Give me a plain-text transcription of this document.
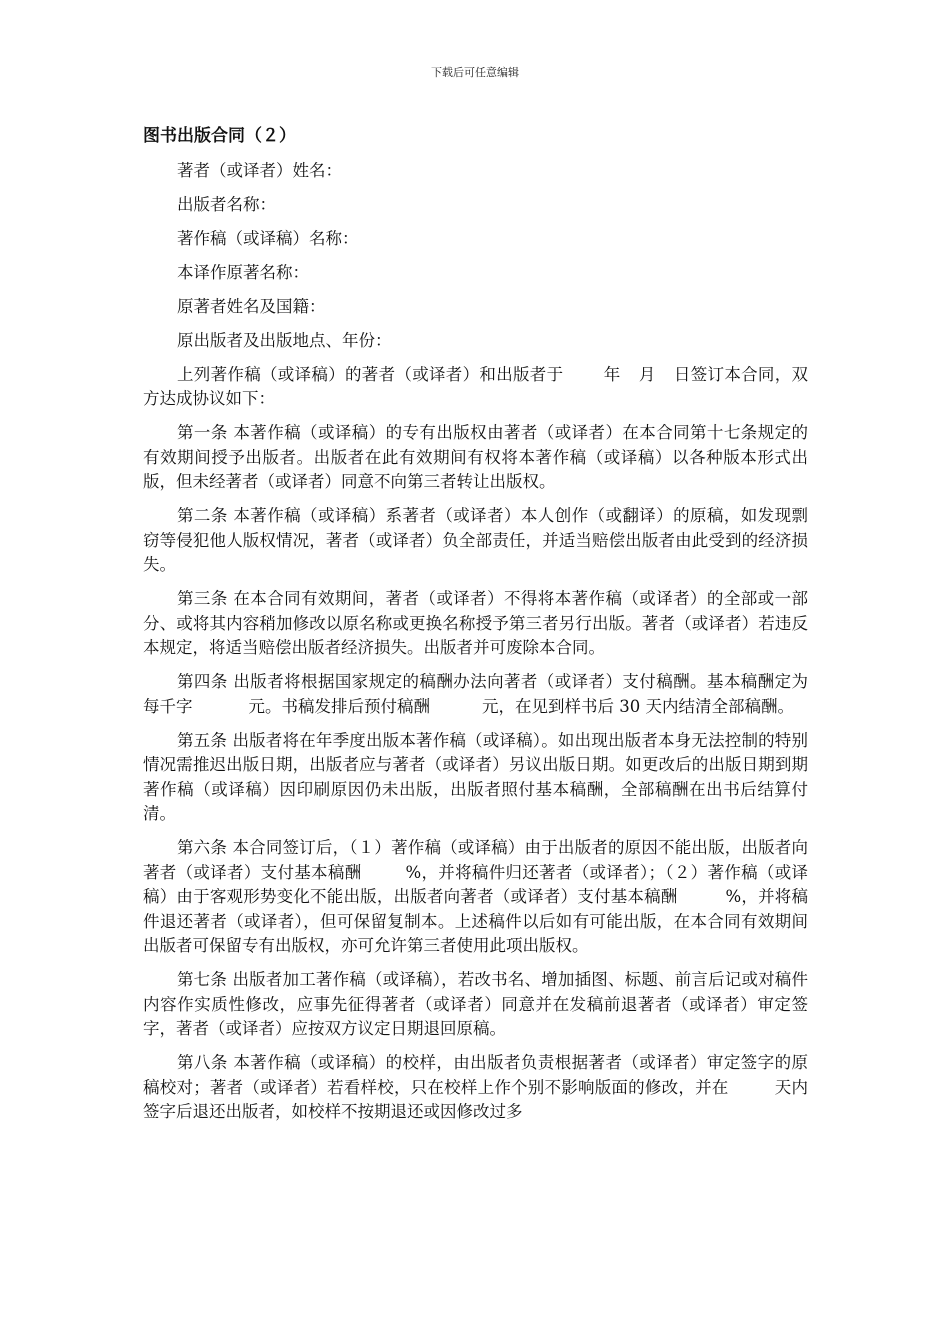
下载后可任意编辑
图书出版合同（２）

著者（或译者）姓名：

出版者名称：

著作稿（或译稿）名称：

本译作原著名称：

原著者姓名及国籍：

原出版者及出版地点、年份：

上列著作稿（或译稿）的著者（或译者）和出版者于 年 月 日签订本合同，双方达成协议如下：

第一条 本著作稿（或译稿）的专有出版权由著者（或译者）在本合同第十七条规定的有效期间授予出版者。出版者在此有效期间有权将本著作稿（或译稿）以各种版本形式出版，但未经著者（或译者）同意不向第三者转让出版权。

第二条 本著作稿（或译稿）系著者（或译者）本人创作（或翻译）的原稿，如发现剽窃等侵犯他人版权情况，著者（或译者）负全部责任，并适当赔偿出版者由此受到的经济损失。

第三条 在本合同有效期间，著者（或译者）不得将本著作稿（或译者）的全部或一部分、或将其内容稍加修改以原名称或更换名称授予第三者另行出版。著者（或译者）若违反本规定，将适当赔偿出版者经济损失。出版者并可废除本合同。

第四条 出版者将根据国家规定的稿酬办法向著者（或译者）支付稿酬。基本稿酬定为每千字	元。书稿发排后预付稿酬	元，在见到样书后 30 天内结清全部稿酬。

第五条 出版者将在年季度出版本著作稿（或译稿）。如出现出版者本身无法控制的特别情况需推迟出版日期，出版者应与著者（或译者）另议出版日期。如更改后的出版日期到期著作稿（或译稿）因印刷原因仍未出版，出版者照付基本稿酬，全部稿酬在出书后结算付清。

第六条 本合同签订后，（１）著作稿（或译稿）由于出版者的原因不能出版，出版者向著者（或译者）支付基本稿酬	%，并将稿件归还著者（或译者）；（２）著作稿（或译稿）由于客观形势变化不能出版，出版者向著者（或译者）支付基本稿酬	%，并将稿件退还著者（或译者），但可保留复制本。上述稿件以后如有可能出版，在本合同有效期间出版者可保留专有出版权，亦可允许第三者使用此项出版权。

第七条 出版者加工著作稿（或译稿），若改书名、增加插图、标题、前言后记或对稿件内容作实质性修改，应事先征得著者（或译者）同意并在发稿前退著者（或译者）审定签字，著者（或译者）应按双方议定日期退回原稿。

第八条 本著作稿（或译稿）的校样，由出版者负责根据著者（或译者）审定签字的原稿校对；著者（或译者）若看样校，只在校样上作个别不影响版面的修改，并在	天内签字后退还出版者，如校样不按期退还或因修改过多
